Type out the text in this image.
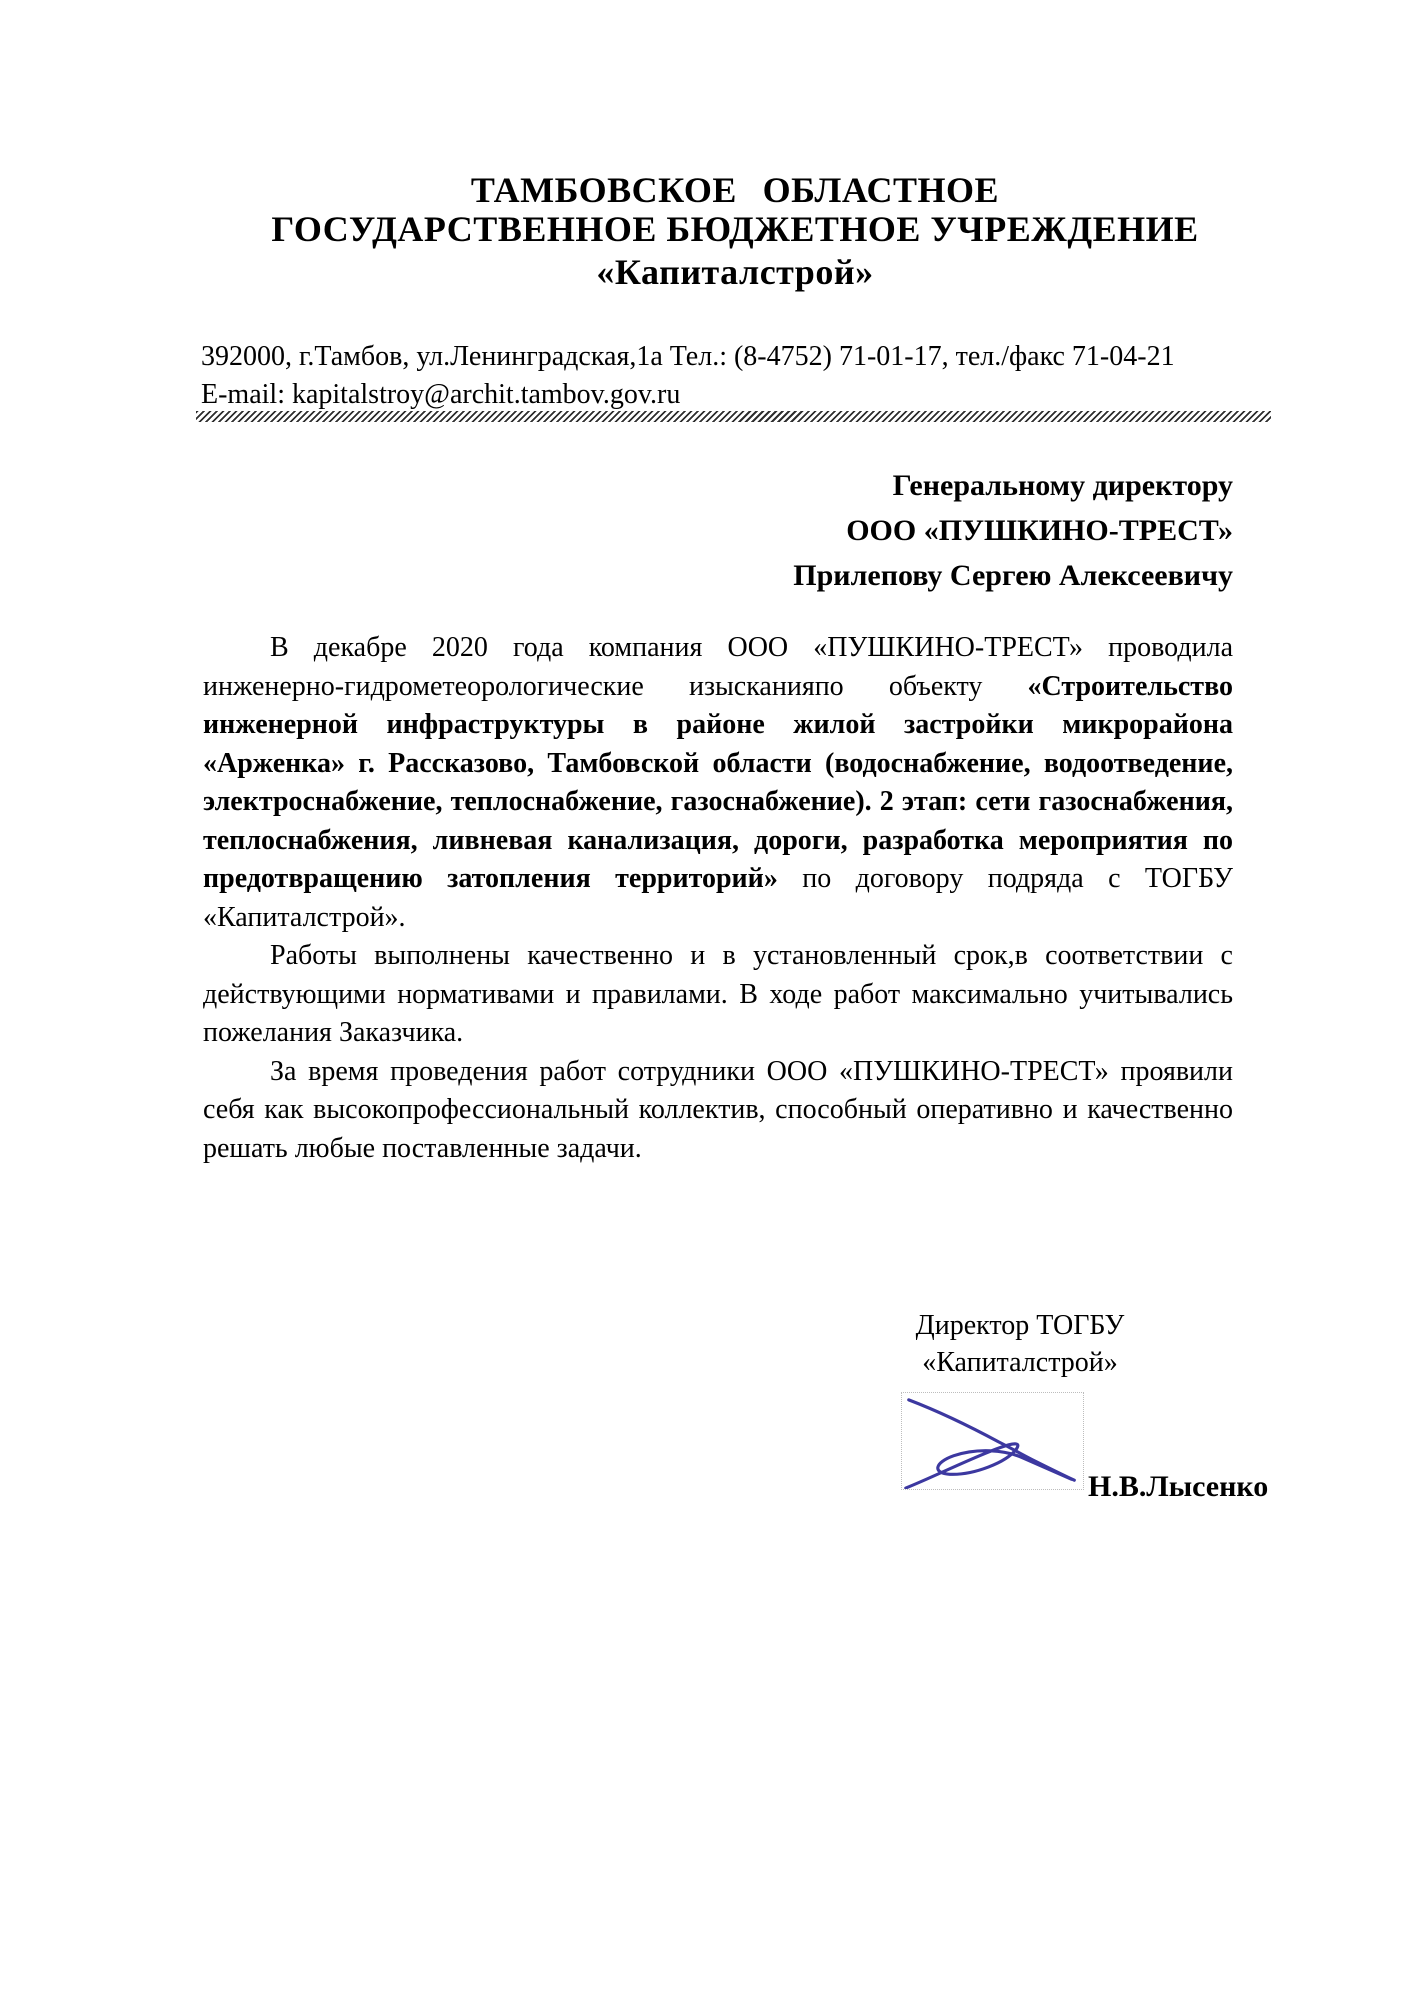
ТАМБОВСКОЕ ОБЛАСТНОЕ
ГОСУДАРСТВЕННОЕ БЮДЖЕТНОЕ УЧРЕЖДЕНИЕ
«Капиталстрой»
392000, г.Тамбов, ул.Ленинградская,1а Тел.: (8-4752) 71-01-17, тел./факс 71-04-21
E-mail: kapitalstroy@archit.tambov.gov.ru
Генеральному директору
ООО «ПУШКИНО-ТРЕСТ»
Прилепову Сергею Алексеевичу

В декабре 2020 года компания ООО «ПУШКИНО-ТРЕСТ» проводила инженерно-гидрометеорологические изысканияпо объекту «Строительство инженерной инфраструктуры в районе жилой застройки микрорайона «Арженка» г. Рассказово, Тамбовской области (водоснабжение, водоотведение, электроснабжение, теплоснабжение, газоснабжение). 2 этап: сети газоснабжения, теплоснабжения, ливневая канализация, дороги, разработка мероприятия по предотвращению затопления территорий» по договору подряда с ТОГБУ «Капиталстрой».

Работы выполнены качественно и в установленный срок,в соответствии с действующими нормативами и правилами. В ходе работ максимально учитывались пожелания Заказчика.

За время проведения работ сотрудники ООО «ПУШКИНО-ТРЕСТ» проявили себя как высокопрофессиональный коллектив, способный оперативно и качественно решать любые поставленные задачи.

Директор ТОГБУ
«Капиталстрой»
Н.В.Лысенко
